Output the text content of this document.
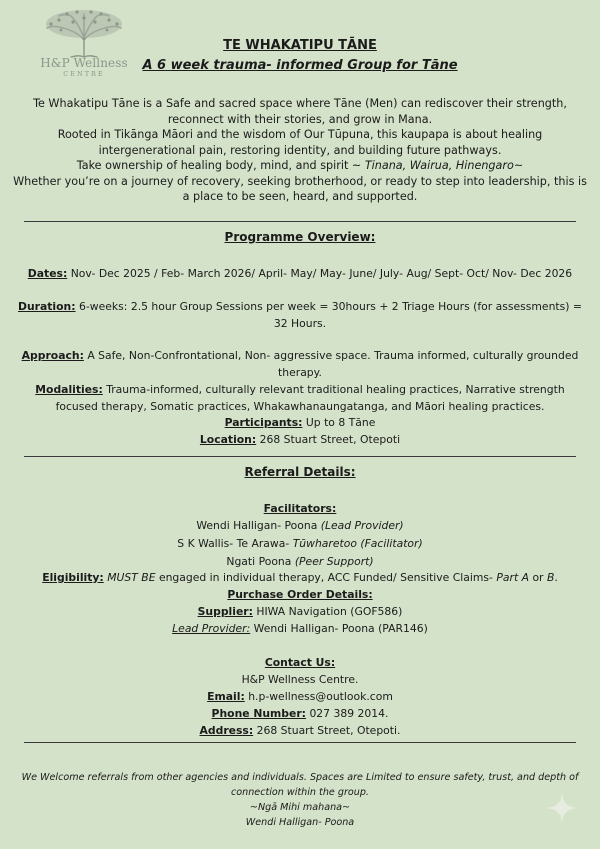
H&P Wellness
CENTRE
TE WHAKATIPU TĀNE
A 6 week trauma- informed Group for Tāne
Te Whakatipu Tāne is a Safe and sacred space where Tāne (Men) can rediscover their strength, reconnect with their stories, and grow in Mana.
Rooted in Tikānga Māori and the wisdom of Our Tūpuna, this kaupapa is about healing intergenerational pain, restoring identity, and building future pathways.
Take ownership of healing body, mind, and spirit ~ Tinana, Wairua, Hinengaro~
Whether you’re on a journey of recovery, seeking brotherhood, or ready to step into leadership, this is a place to be seen, heard, and supported.
Programme Overview:
Dates: Nov- Dec 2025 / Feb- March 2026/ April- May/ May- June/ July- Aug/ Sept- Oct/ Nov- Dec 2026
Duration: 6-weeks: 2.5 hour Group Sessions per week = 30hours + 2 Triage Hours (for assessments) = 32 Hours.
Approach: A Safe, Non-Confrontational, Non- aggressive space. Trauma informed, culturally grounded therapy.
Modalities: Trauma-informed, culturally relevant traditional healing practices, Narrative strength focused therapy, Somatic practices, Whakawhanaungatanga, and Māori healing practices.
Participants: Up to 8 Tāne
Location: 268 Stuart Street, Otepoti
Referral Details:
Facilitators:
Wendi Halligan- Poona (Lead Provider)
S K Wallis- Te Arawa- Tūwharetoo (Facilitator)
Ngati Poona (Peer Support)
Eligibility: MUST BE engaged in individual therapy, ACC Funded/ Sensitive Claims- Part A or B.
Purchase Order Details:
Supplier: HIWA Navigation (GOF586)
Lead Provider: Wendi Halligan- Poona (PAR146)
Contact Us:
H&P Wellness Centre.
Email: h.p-wellness@outlook.com
Phone Number: 027 389 2014.
Address: 268 Stuart Street, Otepoti.
We Welcome referrals from other agencies and individuals. Spaces are Limited to ensure safety, trust, and depth of connection within the group.
~Ngā Mihi mahana~
Wendi Halligan- Poona
